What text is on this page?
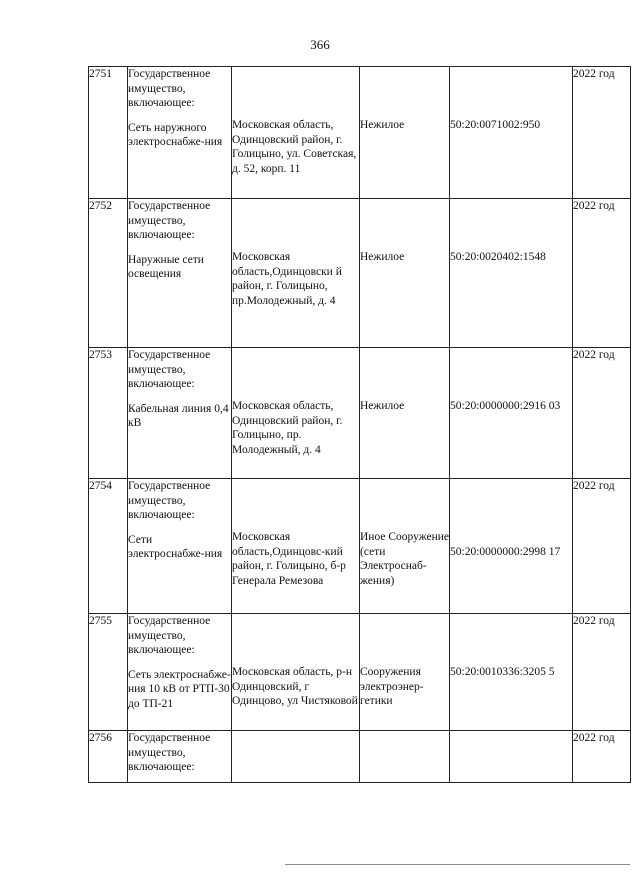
366
2751	Государственное имущество, включающее:
Сеть наружного электроснабже-ния	Московская область, Одинцовский район, г. Голицыно, ул. Советская, д. 52, корп. 11	Нежилое	50:20:0071002:950	2022 год

2752	Государственное имущество, включающее:
Наружные сети освещения	Московская область,Одинцовски й район, г. Голицыно, пр.Молодежный, д. 4	Нежилое	50:20:0020402:1548	2022 год

2753	Государственное имущество, включающее:
Кабельная линия 0,4 кВ	Московская область, Одинцовский район, г. Голицыно, пр. Молодежный, д. 4	Нежилое	50:20:0000000:2916 03	2022 год

2754	Государственное имущество, включающее:
Сети электроснабже-ния	Московская область,Одинцовс-кий район, г. Голицыно, б-р Генерала Ремезова	Иное Сооружение (сети Электроснаб-жения)	50:20:0000000:2998 17	2022 год

2755	Государственное имущество, включающее:
Сеть электроснабже-ния 10 кВ от РТП-30 до ТП-21	Московская область, р-н Одинцовский, г Одинцово, ул Чистяковой	Сооружения электроэнер-гетики	50:20:0010336:3205 5	2022 год

2756	Государственное имущество, включающее:				2022 год
